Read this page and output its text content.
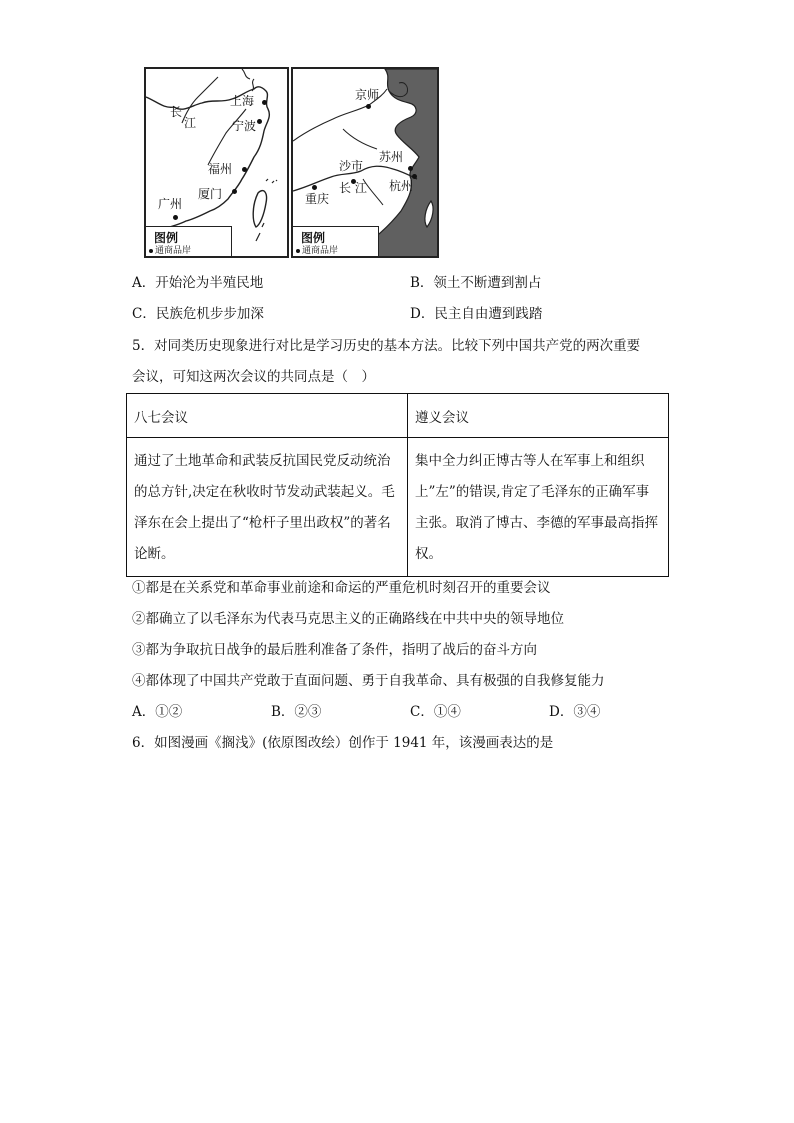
上海
长
江	宁波
福州
厦门
广州
图例
通商品岸
京师
苏州
沙市
长 江 杭州
重庆
图例
通商品岸
A．开始沦为半殖民地	B．领土不断遭到割占
C．民族危机步步加深	D．民主自由遭到践踏
5．对同类历史现象进行对比是学习历史的基本方法。比较下列中国共产党的两次重要
会议，可知这两次会议的共同点是（　）
八七会议	遵义会议
通过了土地革命和武装反抗国民党反动统治的总方针,决定在秋收时节发动武装起义。毛泽东在会上提出了“枪杆子里出政权”的著名论断。	集中全力纠正博古等人在军事上和组织上”左”的错误,肯定了毛泽东的正确军事主张。取消了博古、李德的军事最高指挥权。
①都是在关系党和革命事业前途和命运的严重危机时刻召开的重要会议
②都确立了以毛泽东为代表马克思主义的正确路线在中共中央的领导地位
③都为争取抗日战争的最后胜利准备了条件，指明了战后的奋斗方向
④都体现了中国共产党敢于直面问题、勇于自我革命、具有极强的自我修复能力
A．①②	B．②③	C．①④	D．③④
6．如图漫画《搁浅》(依原图改绘）创作于 1941 年，该漫画表达的是
